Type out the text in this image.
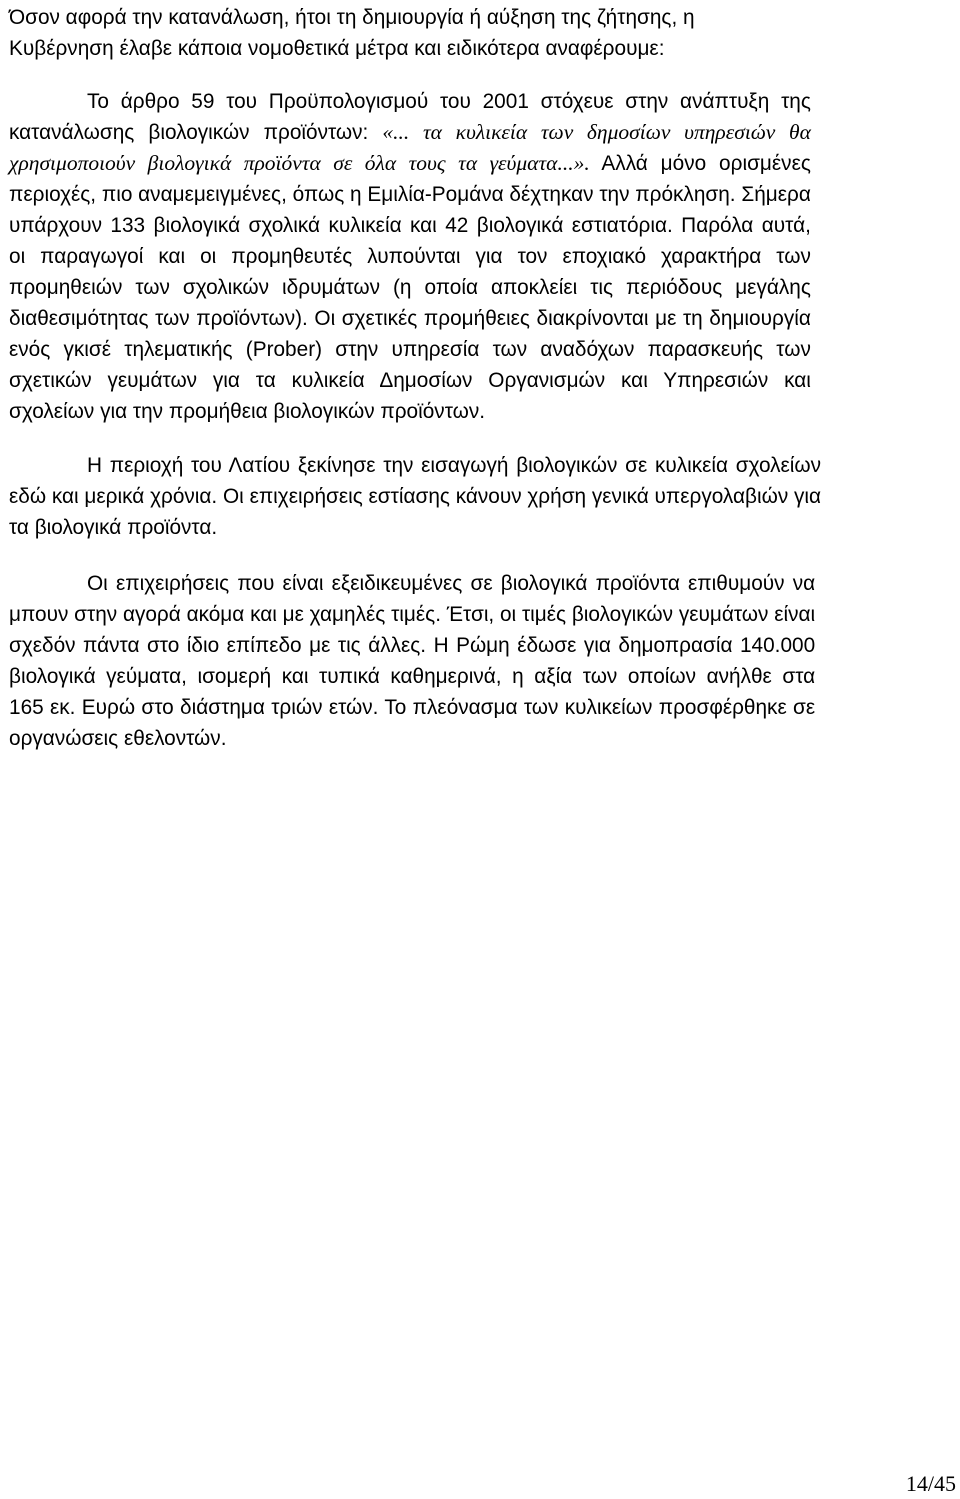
Όσον αφορά την κατανάλωση, ήτοι τη δημιουργία ή αύξηση της ζήτησης, η
Κυβέρνηση έλαβε κάποια νομοθετικά μέτρα και ειδικότερα αναφέρουμε:
Το άρθρο 59 του Προϋπολογισμού του 2001 στόχευε στην ανάπτυξη της
κατανάλωσης βιολογικών προϊόντων: «... τα κυλικεία των δημοσίων υπηρεσιών θα
χρησιμοποιούν βιολογικά προϊόντα σε όλα τους τα γεύματα...». Αλλά μόνο ορισμένες
περιοχές, πιο αναμεμειγμένες, όπως η Εμιλία-Ρομάνα δέχτηκαν την πρόκληση. Σήμερα
υπάρχουν 133 βιολογικά σχολικά κυλικεία και 42 βιολογικά εστιατόρια. Παρόλα αυτά,
οι παραγωγοί και οι προμηθευτές λυπούνται για τον εποχιακό χαρακτήρα των
προμηθειών των σχολικών ιδρυμάτων (η οποία αποκλείει τις περιόδους μεγάλης
διαθεσιμότητας των προϊόντων). Οι σχετικές προμήθειες διακρίνονται με τη δημιουργία
ενός γκισέ τηλεματικής (Prober) στην υπηρεσία των αναδόχων παρασκευής των
σχετικών γευμάτων για τα κυλικεία Δημοσίων Οργανισμών και Υπηρεσιών και
σχολείων για την προμήθεια βιολογικών προϊόντων.
Η περιοχή του Λατίου ξεκίνησε την εισαγωγή βιολογικών σε κυλικεία σχολείων
εδώ και μερικά χρόνια. Οι επιχειρήσεις εστίασης κάνουν χρήση γενικά υπεργολαβιών για
τα βιολογικά προϊόντα.
Οι επιχειρήσεις που είναι εξειδικευμένες σε βιολογικά προϊόντα επιθυμούν να
μπουν στην αγορά ακόμα και με χαμηλές τιμές. Έτσι, οι τιμές βιολογικών γευμάτων είναι
σχεδόν πάντα στο ίδιο επίπεδο με τις άλλες. Η Ρώμη έδωσε για δημοπρασία 140.000
βιολογικά γεύματα, ισομερή και τυπικά καθημερινά, η αξία των οποίων ανήλθε στα
165 εκ. Ευρώ στο διάστημα τριών ετών. Το πλεόνασμα των κυλικείων προσφέρθηκε σε
οργανώσεις εθελοντών.
14/45
